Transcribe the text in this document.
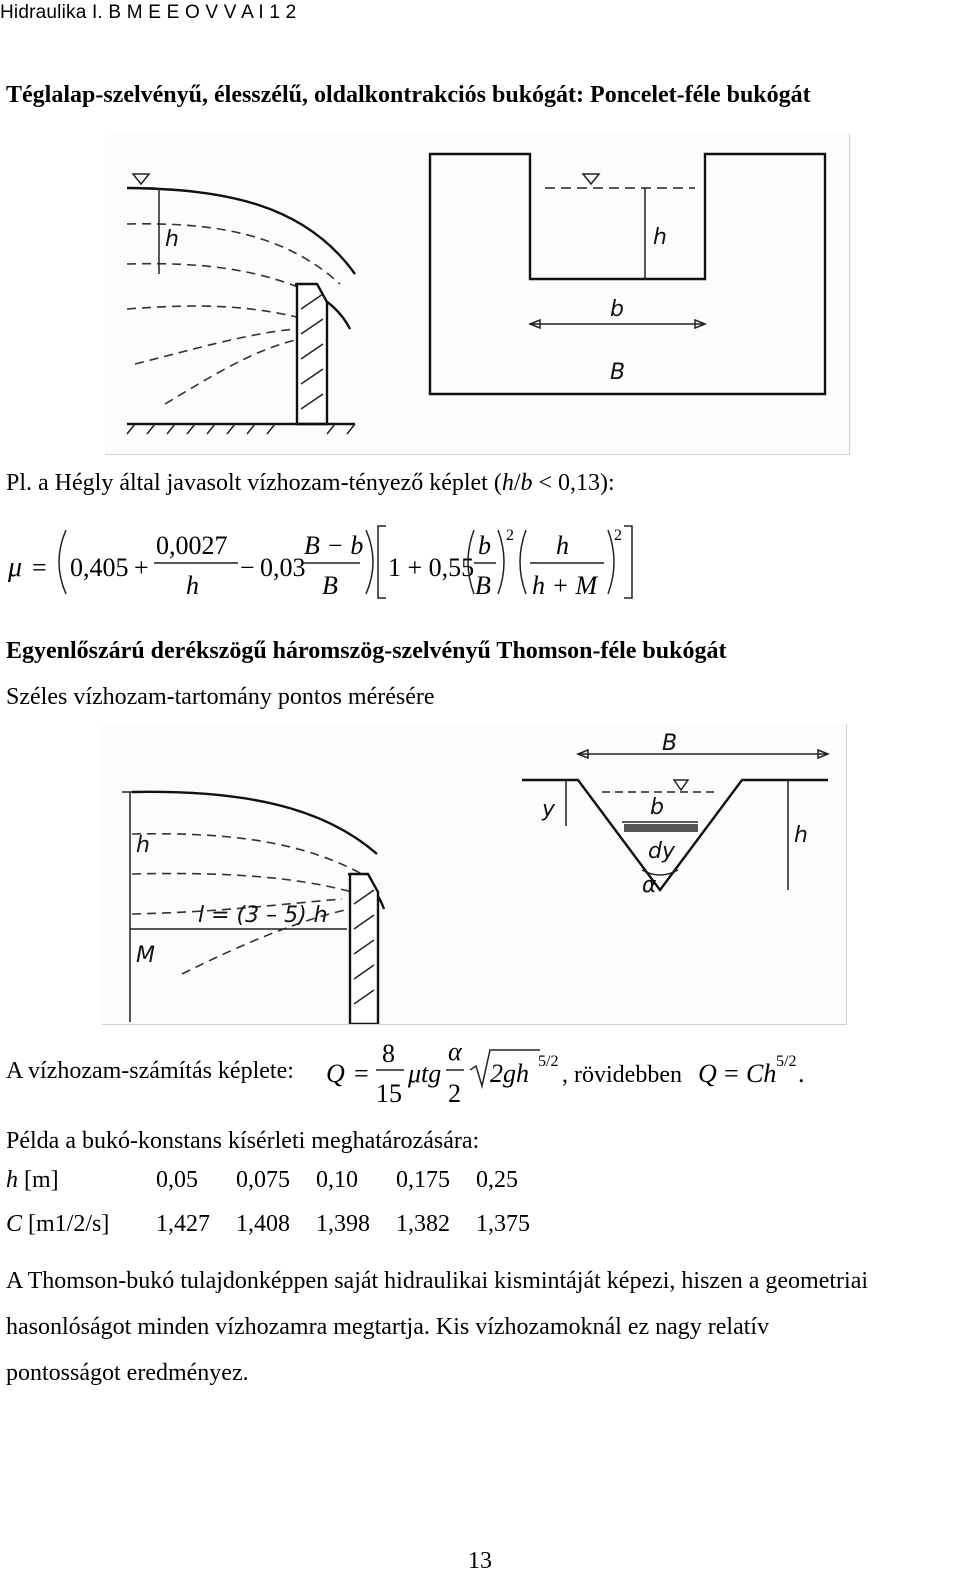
Hidraulika I. B M E E O V V A I 1 2
Téglalap-szelvényű, élesszélű, oldalkontrakciós bukógát: Poncelet-féle bukógát
h	h
b
B
Pl. a Hégly által javasolt vízhozam-tényező képlet (h/b < 0,13):
μ = 0,405 +
0,0027
h
− 0,03
B − b
B
1 + 0,55
b
B
2 h
h + M
2
Egyenlőszárú derékszögű háromszög-szelvényű Thomson-féle bukógát
Széles vízhozam-tartomány pontos mérésére
h
l = (3 – 5) h
M
B
y	b
dy
h
α
A vízhozam-számítás képlete: Q =
8
15
μtg
α
2
2gh 5/2
, rövidebben Q = Ch 5/2 .
Példa a bukó-konstans kísérleti meghatározására:
h [m]	0,05	0,075	0,10	0,175	0,25
C [m1/2/s]	1,427	1,408	1,398	1,382	1,375
A Thomson-bukó tulajdonképpen saját hidraulikai kismintáját képezi, hiszen a geometriai
hasonlóságot minden vízhozamra megtartja. Kis vízhozamoknál ez nagy relatív
pontosságot eredményez.
13
